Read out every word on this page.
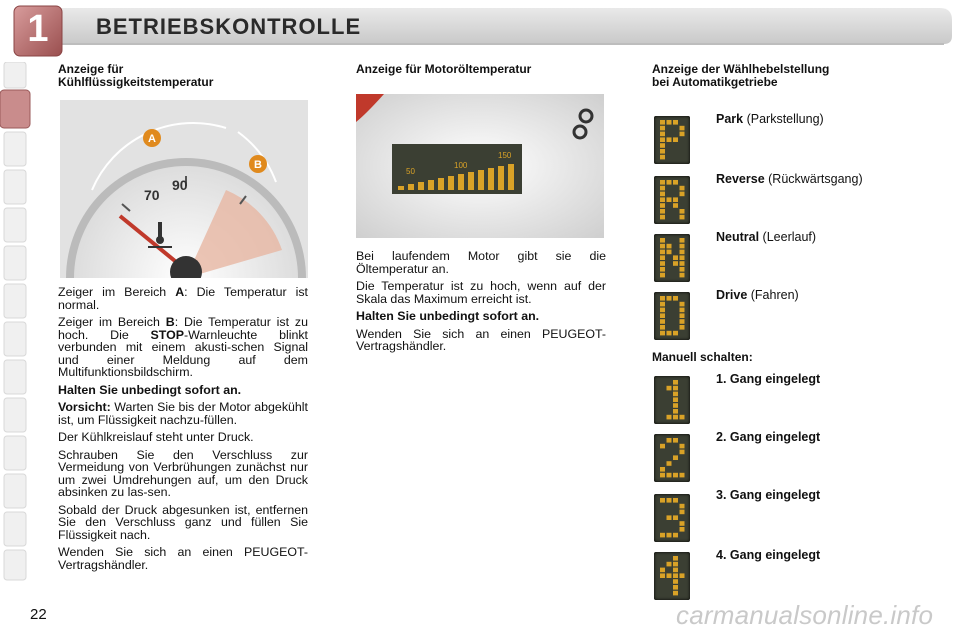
1	BETRIEBSKONTROLLE
Anzeige für
Kühlflüssigkeitstemperatur
A
B
70
90

Zeiger im Bereich A: Die Temperatur ist normal.

Zeiger im Bereich B: Die Temperatur ist zu hoch. Die STOP-Warnleuchte blinkt verbunden mit einem akusti-schen Signal und einer Meldung auf dem Multifunktionsbildschirm.

Halten Sie unbedingt sofort an.

Vorsicht: Warten Sie bis der Motor abgekühlt ist, um Flüssigkeit nachzu-füllen.

Der Kühlkreislauf steht unter Druck.

Schrauben Sie den Verschluss zur Vermeidung von Verbrühungen zunächst nur um zwei Umdrehungen auf, um den Druck absinken zu las-sen.

Sobald der Druck abgesunken ist, entfernen Sie den Verschluss ganz und füllen Sie Flüssigkeit nach.

Wenden Sie sich an einen PEUGEOT-Vertragshändler.

Anzeige für Motoröltemperatur
50
100
150

Bei laufendem Motor gibt sie die Öltemperatur an.

Die Temperatur ist zu hoch, wenn auf der Skala das Maximum erreicht ist.

Halten Sie unbedingt sofort an.

Wenden Sie sich an einen PEUGEOT-Vertragshändler.

Anzeige der Wählhebelstellung
bei Automatikgetriebe
Park (Parkstellung)
Reverse (Rückwärtsgang)
Neutral (Leerlauf)
Drive (Fahren)
Manuell schalten:
1. Gang eingelegt
2. Gang eingelegt
3. Gang eingelegt
4. Gang eingelegt
22	carmanualsonline.info
